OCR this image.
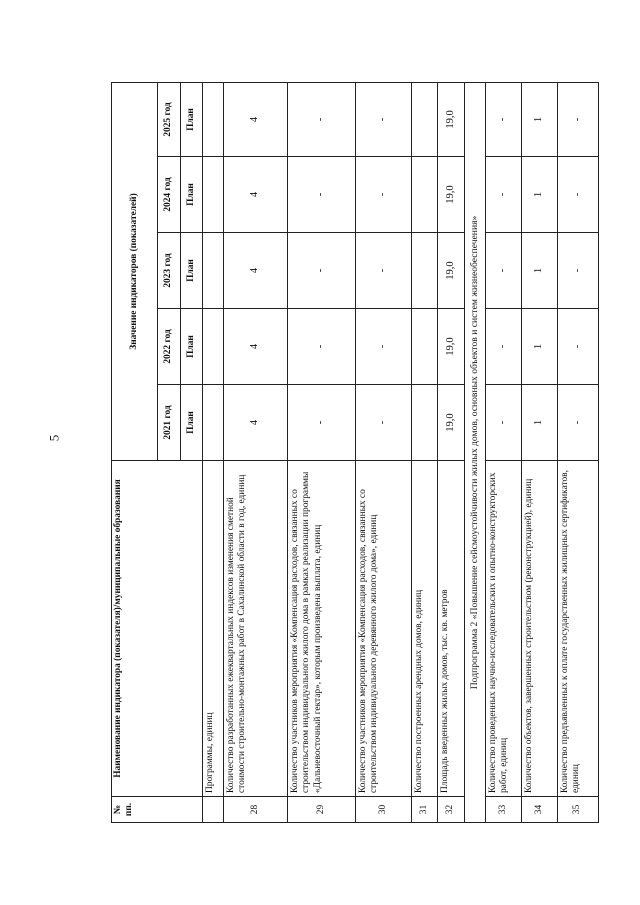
5
№
пп.	Наименование индикатора (показателя)/муниципальные образования	Значение индикаторов (показателей)				
		2021 год	2022 год	2023 год	2024 год	2025 год
		План	План	План	План	План
	Программы, единиц					
28	Количество разработанных ежеквартальных индексов изменения сметной стоимости строительно-монтажных работ в Сахалинской области в год, единиц	4	4	4	4	4
29	Количество участников мероприятия «Компенсация расходов, связанных со строительством индивидуального жилого дома в рамках реализации программы «Дальневосточный гектар», которым произведена выплата, единиц	-	-	-	-	-
30	Количество участников мероприятия «Компенсация расходов, связанных со строительством индивидуального деревянного жилого дома», единиц	-	-	-	-	-
31	Количество построенных арендных домов, единиц					
32	Площадь введенных жилых домов, тыс. кв. метров	19,0	19,0	19,0	19,0	19,0
Подпрограмма 2 «Повышение сейсмоустойчивости жилых домов, основных объектов и систем жизнеобеспечения»						
33	Количество проведенных научно-исследовательских и опытно-конструкторских работ, единиц	-	-	-	-	-
34	Количество объектов, завершенных строительством (реконструкцией), единиц	1	1	1	1	1
35	Количество предъявленных к оплате государственных жилищных сертификатов, единиц	-	-	-	-	-
